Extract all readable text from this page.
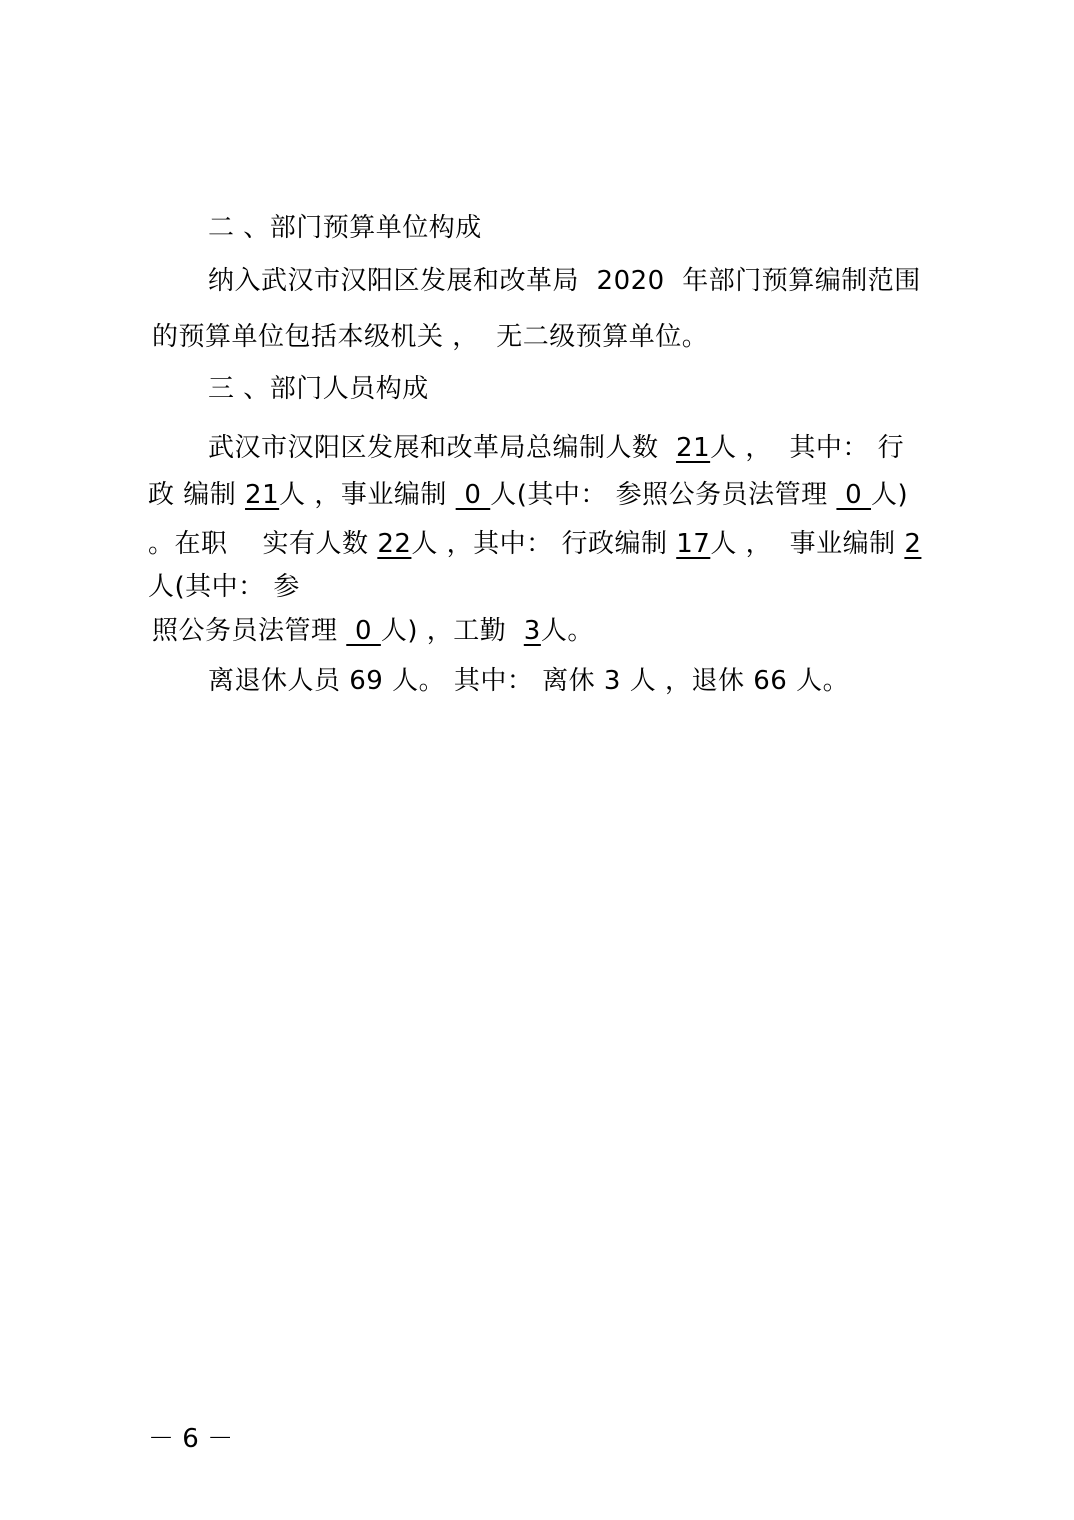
二 、部门预算单位构成
纳入武汉市汉阳区发展和改革局  2020  年部门预算编制范围
的预算单位包括本级机关 ，  无二级预算单位。
三 、部门人员构成
武汉市汉阳区发展和改革局总编制人数  21人 ，  其中： 行
政 编制 21人 ，事业编制  0 人(其中： 参照公务员法管理  0 人)
。在职    实有人数 22人 ，其中： 行政编制 17人 ，  事业编制 2
人(其中： 参
照公务员法管理  0 人) ，工勤  3人。
离退休人员 69 人。 其中： 离休 3 人 ，退休 66 人。
－ 6 －
